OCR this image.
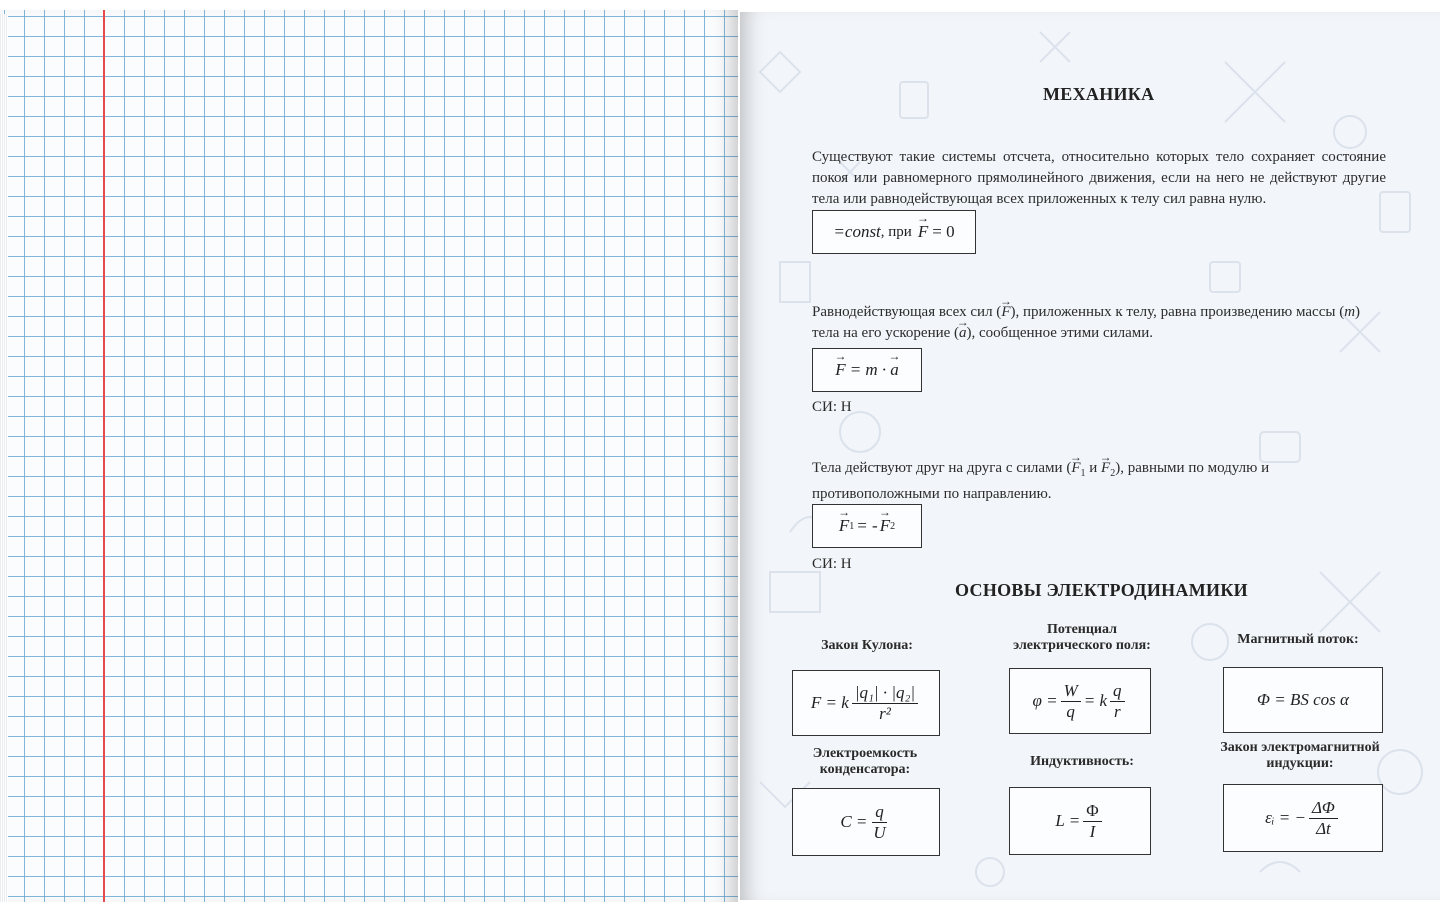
МЕХАНИКА
Существуют такие системы отсчета, относительно которых тело сохраняет состояние покоя или равномерного прямолинейного движения, если на него не действуют другие тела или равнодействующая всех приложенных к телу сил равна нулю.
=const , при → F = 0
Равнодействующая всех сил (→ F), приложенных к телу, равна произведению массы (m) тела на его ускорение (→ a), сообщенное этими силами.
→ F = m · → a
СИ: Н
Тела действуют друг на друга с силами (→ $F_1$ $и \to F_2$), равными по модулю и противоположными по направлению.
→ F 1 = - → F 2
СИ: Н
ОСНОВЫ ЭЛЕКТРОДИНАМИКИ
Закон Кулона:
F = k $\frac{\text{|q₁| · |q₂|}}{\text{r²}}$
Потенциал
электрического поля:
$\varphi = \frac{W}{q} = k \frac{q}{r}$
Магнитный поток:
Φ = BS cos α
Электроемкость
конденсатора:
$C = \frac{q}{U}$
Индуктивность:
$L = \frac{\Phi}{I}$
Закон электромагнитной
индукции:
εᵢ = − $\frac{\Delta\Phi}{\Delta t}$
